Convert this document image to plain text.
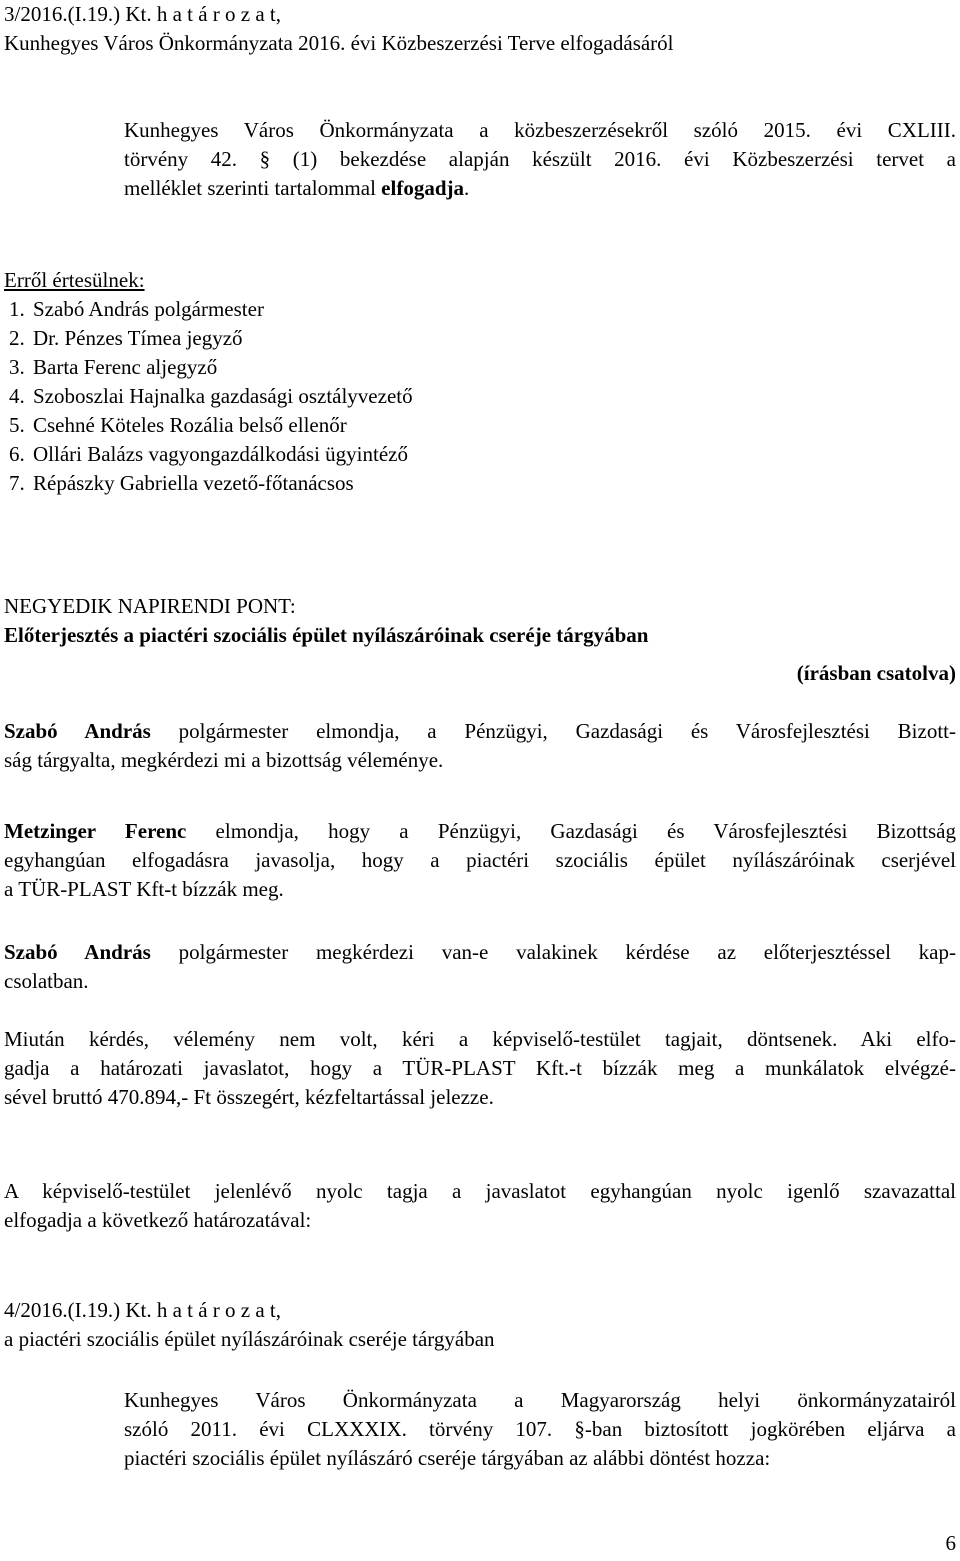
3/2016.(I.19.) Kt. h a t á r o z a t,
Kunhegyes Város Önkormányzata 2016. évi Közbeszerzési Terve elfogadásáról
Kunhegyes Város Önkormányzata a közbeszerzésekről szóló 2015. évi CXLIII.
törvény 42. § (1) bekezdése alapján készült 2016. évi Közbeszerzési tervet a
melléklet szerinti tartalommal elfogadja.
Erről értesülnek:
1. Szabó András polgármester
2. Dr. Pénzes Tímea jegyző
3. Barta Ferenc aljegyző
4. Szoboszlai Hajnalka gazdasági osztályvezető
5. Csehné Köteles Rozália belső ellenőr
6. Ollári Balázs vagyongazdálkodási ügyintéző
7. Répászky Gabriella vezető-főtanácsos
NEGYEDIK NAPIRENDI PONT:
Előterjesztés a piactéri szociális épület nyílászáróinak cseréje tárgyában
(írásban csatolva)
Szabó András polgármester elmondja, a Pénzügyi, Gazdasági és Városfejlesztési Bizott-
ság tárgyalta, megkérdezi mi a bizottság véleménye.
Metzinger Ferenc elmondja, hogy a Pénzügyi, Gazdasági és Városfejlesztési Bizottság
egyhangúan elfogadásra javasolja, hogy a piactéri szociális épület nyílászáróinak cserjével
a TÜR-PLAST Kft-t bízzák meg.
Szabó András polgármester megkérdezi van-e valakinek kérdése az előterjesztéssel kap-
csolatban.
Miután kérdés, vélemény nem volt, kéri a képviselő-testület tagjait, döntsenek. Aki elfo-
gadja a határozati javaslatot, hogy a TÜR-PLAST Kft.-t bízzák meg a munkálatok elvégzé-
sével bruttó 470.894,- Ft összegért, kézfeltartással jelezze.
A képviselő-testület jelenlévő nyolc tagja a javaslatot egyhangúan nyolc igenlő szavazattal
elfogadja a következő határozatával:
4/2016.(I.19.) Kt. h a t á r o z a t,
a piactéri szociális épület nyílászáróinak cseréje tárgyában
Kunhegyes Város Önkormányzata a Magyarország helyi önkormányzatairól
szóló 2011. évi CLXXXIX. törvény 107. §-ban biztosított jogkörében eljárva a
piactéri szociális épület nyílászáró cseréje tárgyában az alábbi döntést hozza:
6
